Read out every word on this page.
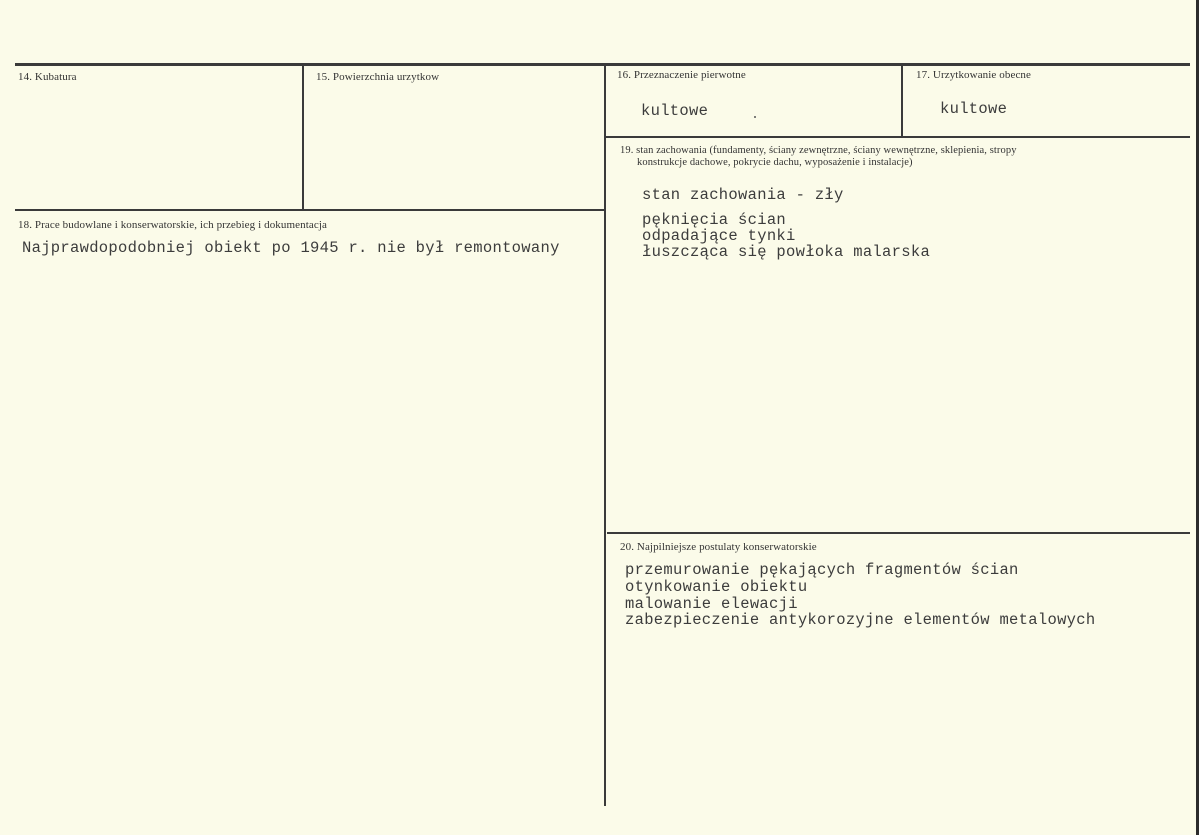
14. Kubatura	15. Powierzchnia urzytkow	16. Przeznaczenie pierwotne
kultowe
17. Urzytkowanie obecne
kultowe
18. Prace budowlane i konserwatorskie, ich przebieg i dokumentacja
Najprawdopodobniej obiekt po 1945 r. nie był remontowany
19. stan zachowania (fundamenty, ściany zewnętrzne, ściany wewnętrzne, sklepienia, stropy
konstrukcje dachowe, pokrycie dachu, wyposażenie i instalacje)
stan zachowania - zły
pęknięcia ścian
odpadające tynki
łuszcząca się powłoka malarska
20. Najpilniejsze postulaty konserwatorskie
przemurowanie pękających fragmentów ścian
otynkowanie obiektu
malowanie elewacji
zabezpieczenie antykorozyjne elementów metalowych
